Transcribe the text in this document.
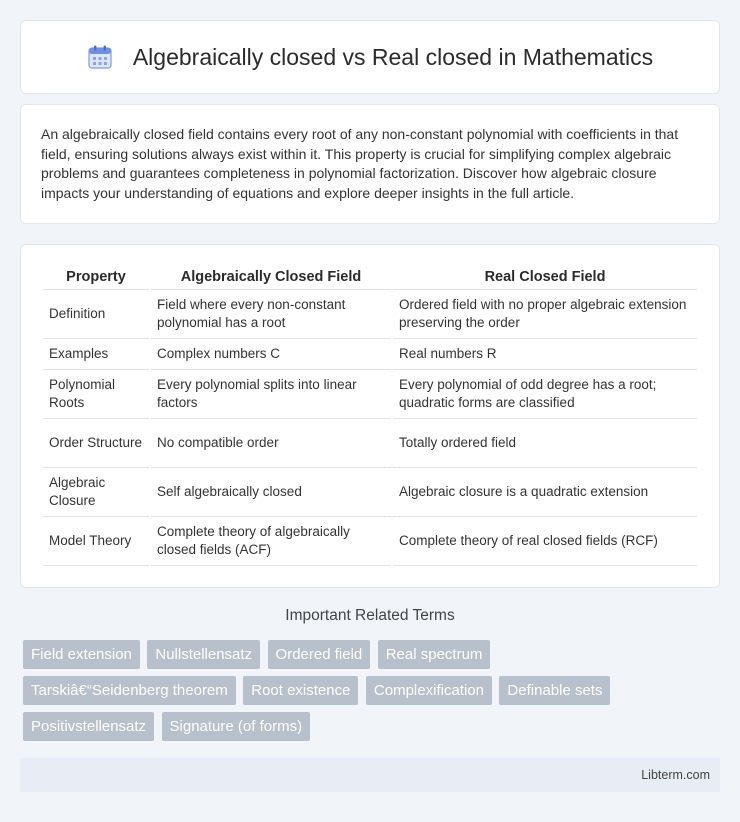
Algebraically closed vs Real closed in Mathematics

An algebraically closed field contains every root of any non-constant polynomial with coefficients in that field, ensuring solutions always exist within it. This property is crucial for simplifying complex algebraic problems and guarantees completeness in polynomial factorization. Discover how algebraic closure impacts your understanding of equations and explore deeper insights in the full article.

Property	Algebraically Closed Field	Real Closed Field
Definition	Field where every non-constant polynomial has a root	Ordered field with no proper algebraic extension preserving the order
Examples	Complex numbers C	Real numbers R
Polynomial Roots	Every polynomial splits into linear factors	Every polynomial of odd degree has a root; quadratic forms are classified
Order Structure	No compatible order	Totally ordered field
Algebraic Closure	Self algebraically closed	Algebraic closure is a quadratic extension
Model Theory	Complete theory of algebraically closed fields (ACF)	Complete theory of real closed fields (RCF)
Important Related Terms
Field extension Nullstellensatz Ordered field Real spectrum
Tarskiâ€“Seidenberg theorem Root existence Complexification Definable sets
Positivstellensatz Signature (of forms)
Libterm.com
